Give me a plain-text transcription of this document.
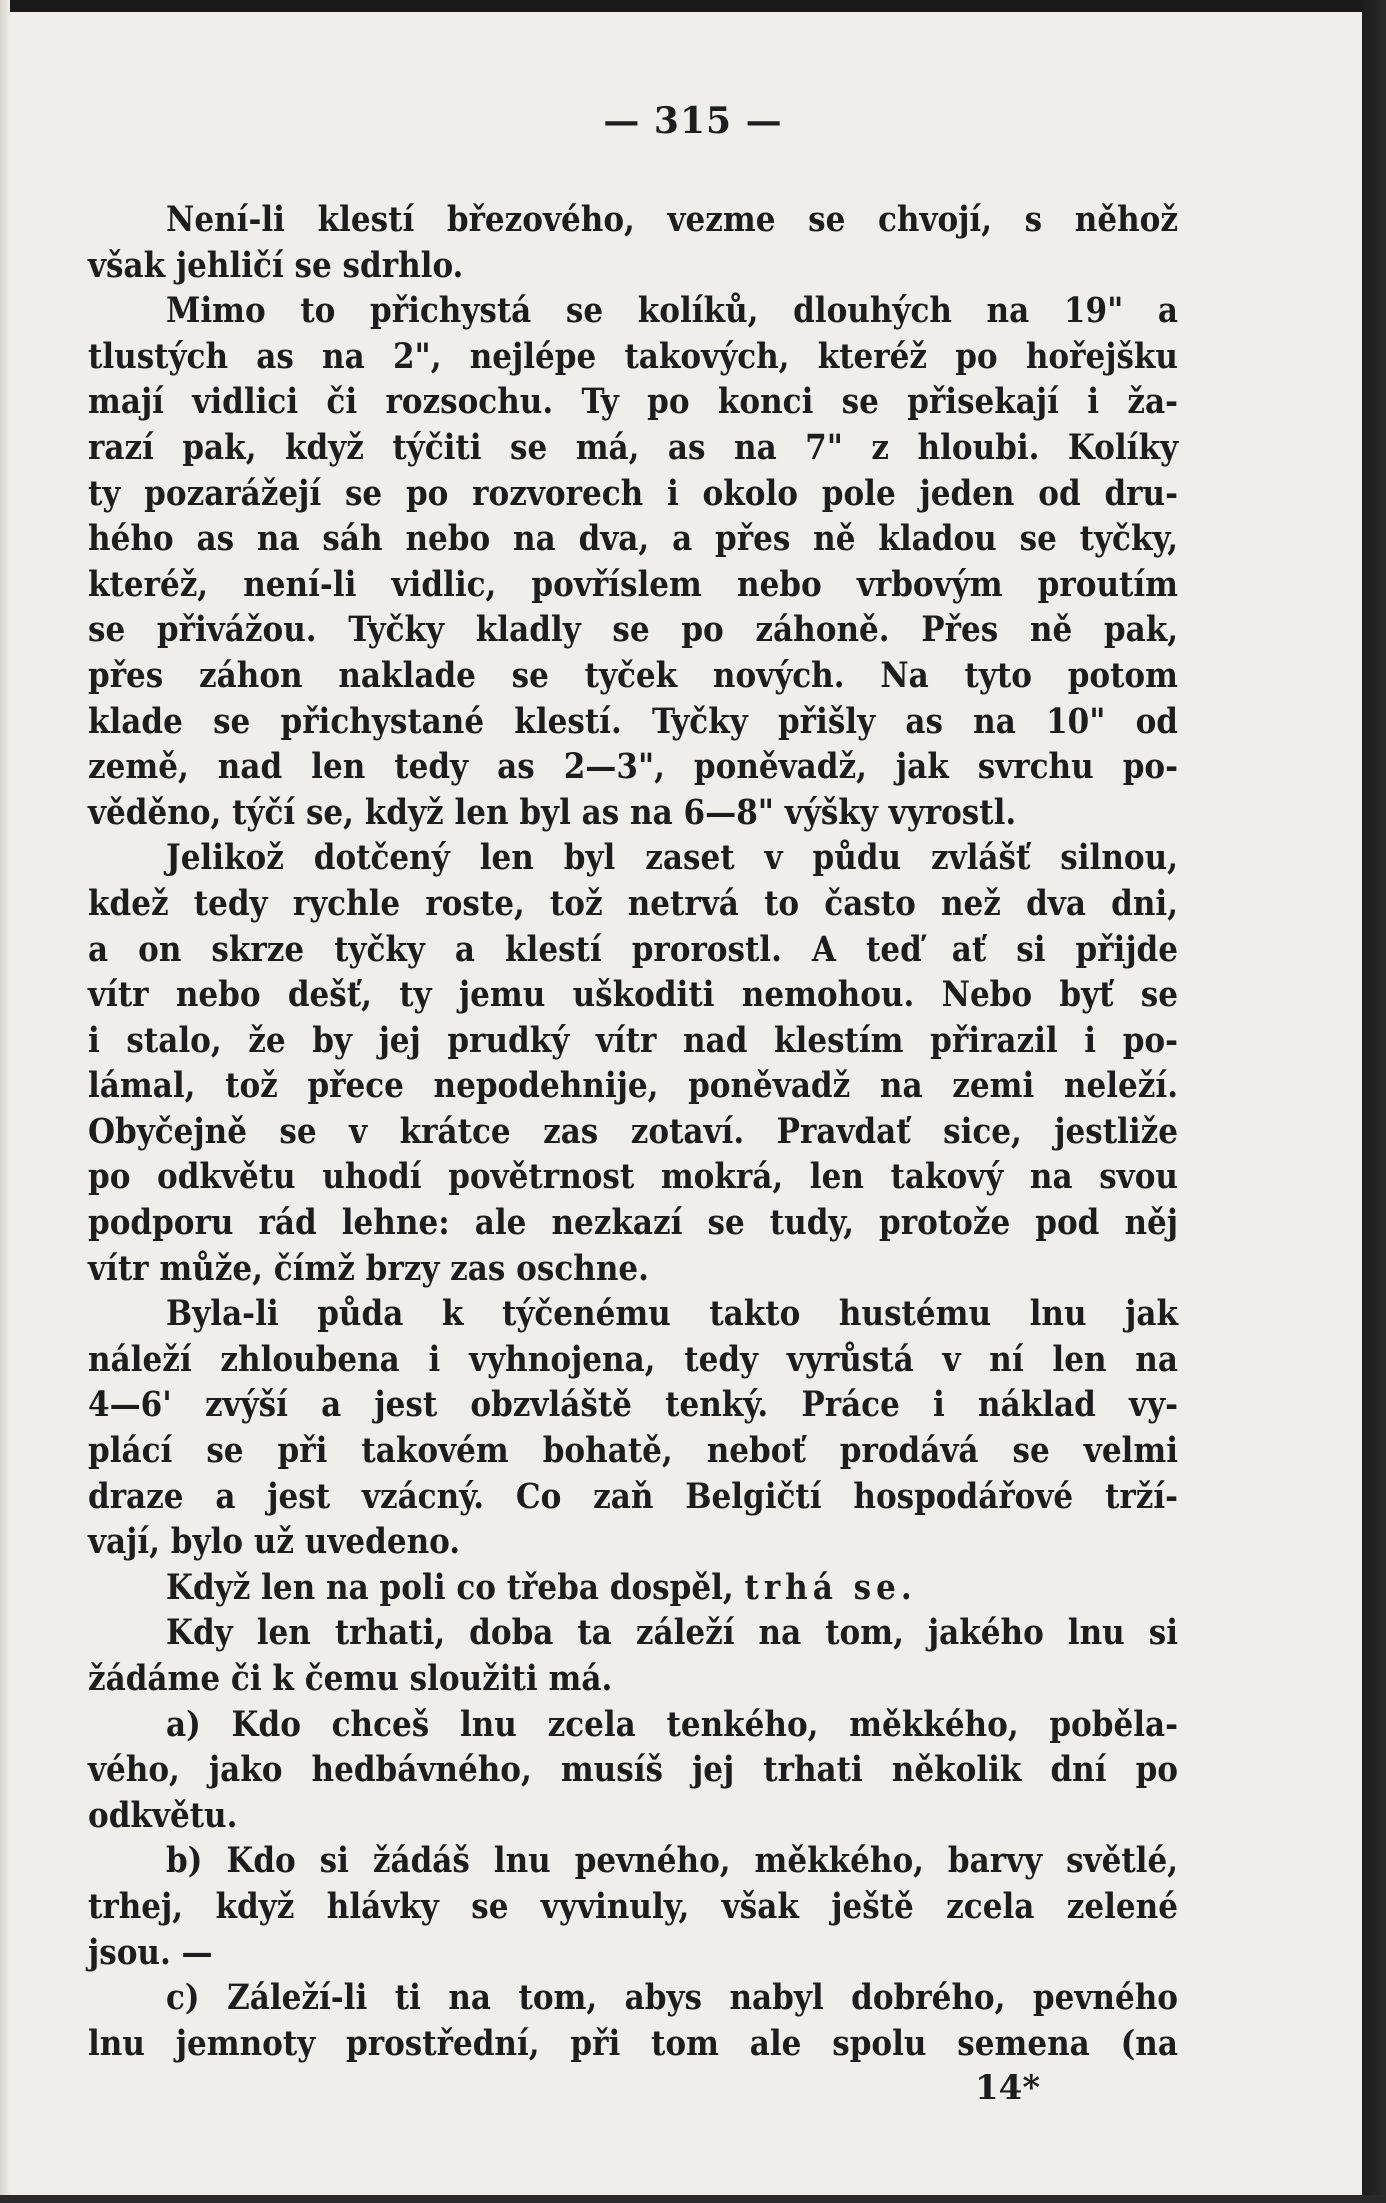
— 315 —
Není-li klestí březového, vezme se chvojí, s něhož
však jehličí se sdrhlo.
Mimo to přichystá se kolíků, dlouhých na 19" a
tlustých as na 2", nejlépe takových, kteréž po hořejšku
mají vidlici či rozsochu. Ty po konci se přisekají i ža-
razí pak, když týčiti se má, as na 7" z hloubi. Kolíky
ty pozarážejí se po rozvorech i okolo pole jeden od dru-
hého as na sáh nebo na dva, a přes ně kladou se tyčky,
kteréž, není-li vidlic, povříslem nebo vrbovým proutím
se přivážou. Tyčky kladly se po záhoně. Přes ně pak,
přes záhon naklade se tyček nových. Na tyto potom
klade se přichystané klestí. Tyčky přišly as na 10" od
země, nad len tedy as 2—3", poněvadž, jak svrchu po-
věděno, týčí se, když len byl as na 6—8" výšky vyrostl.
Jelikož dotčený len byl zaset v půdu zvlášť silnou,
kdež tedy rychle roste, tož netrvá to často než dva dni,
a on skrze tyčky a klestí prorostl. A teď ať si přijde
vítr nebo dešť, ty jemu uškoditi nemohou. Nebo byť se
i stalo, že by jej prudký vítr nad klestím přirazil i po-
lámal, tož přece nepodehnije, poněvadž na zemi neleží.
Obyčejně se v krátce zas zotaví. Pravdať sice, jestliže
po odkvětu uhodí povětrnost mokrá, len takový na svou
podporu rád lehne: ale nezkazí se tudy, protože pod něj
vítr může, čímž brzy zas oschne.
Byla-li půda k týčenému takto hustému lnu jak
náleží zhloubena i vyhnojena, tedy vyrůstá v ní len na
4—6' zvýší a jest obzvláště tenký. Práce i náklad vy-
plácí se při takovém bohatě, neboť prodává se velmi
draze a jest vzácný. Co zaň Belgičtí hospodářové trží-
vají, bylo už uvedeno.
Když len na poli co třeba dospěl, trhá se.
Kdy len trhati, doba ta záleží na tom, jakého lnu si
žádáme či k čemu sloužiti má.
a) Kdo chceš lnu zcela tenkého, měkkého, poběla-
vého, jako hedbávného, musíš jej trhati několik dní po
odkvětu.
b) Kdo si žádáš lnu pevného, měkkého, barvy světlé,
trhej, když hlávky se vyvinuly, však ještě zcela zelené
jsou. —
c) Záleží-li ti na tom, abys nabyl dobrého, pevného
lnu jemnoty prostřední, při tom ale spolu semena (na
14*
